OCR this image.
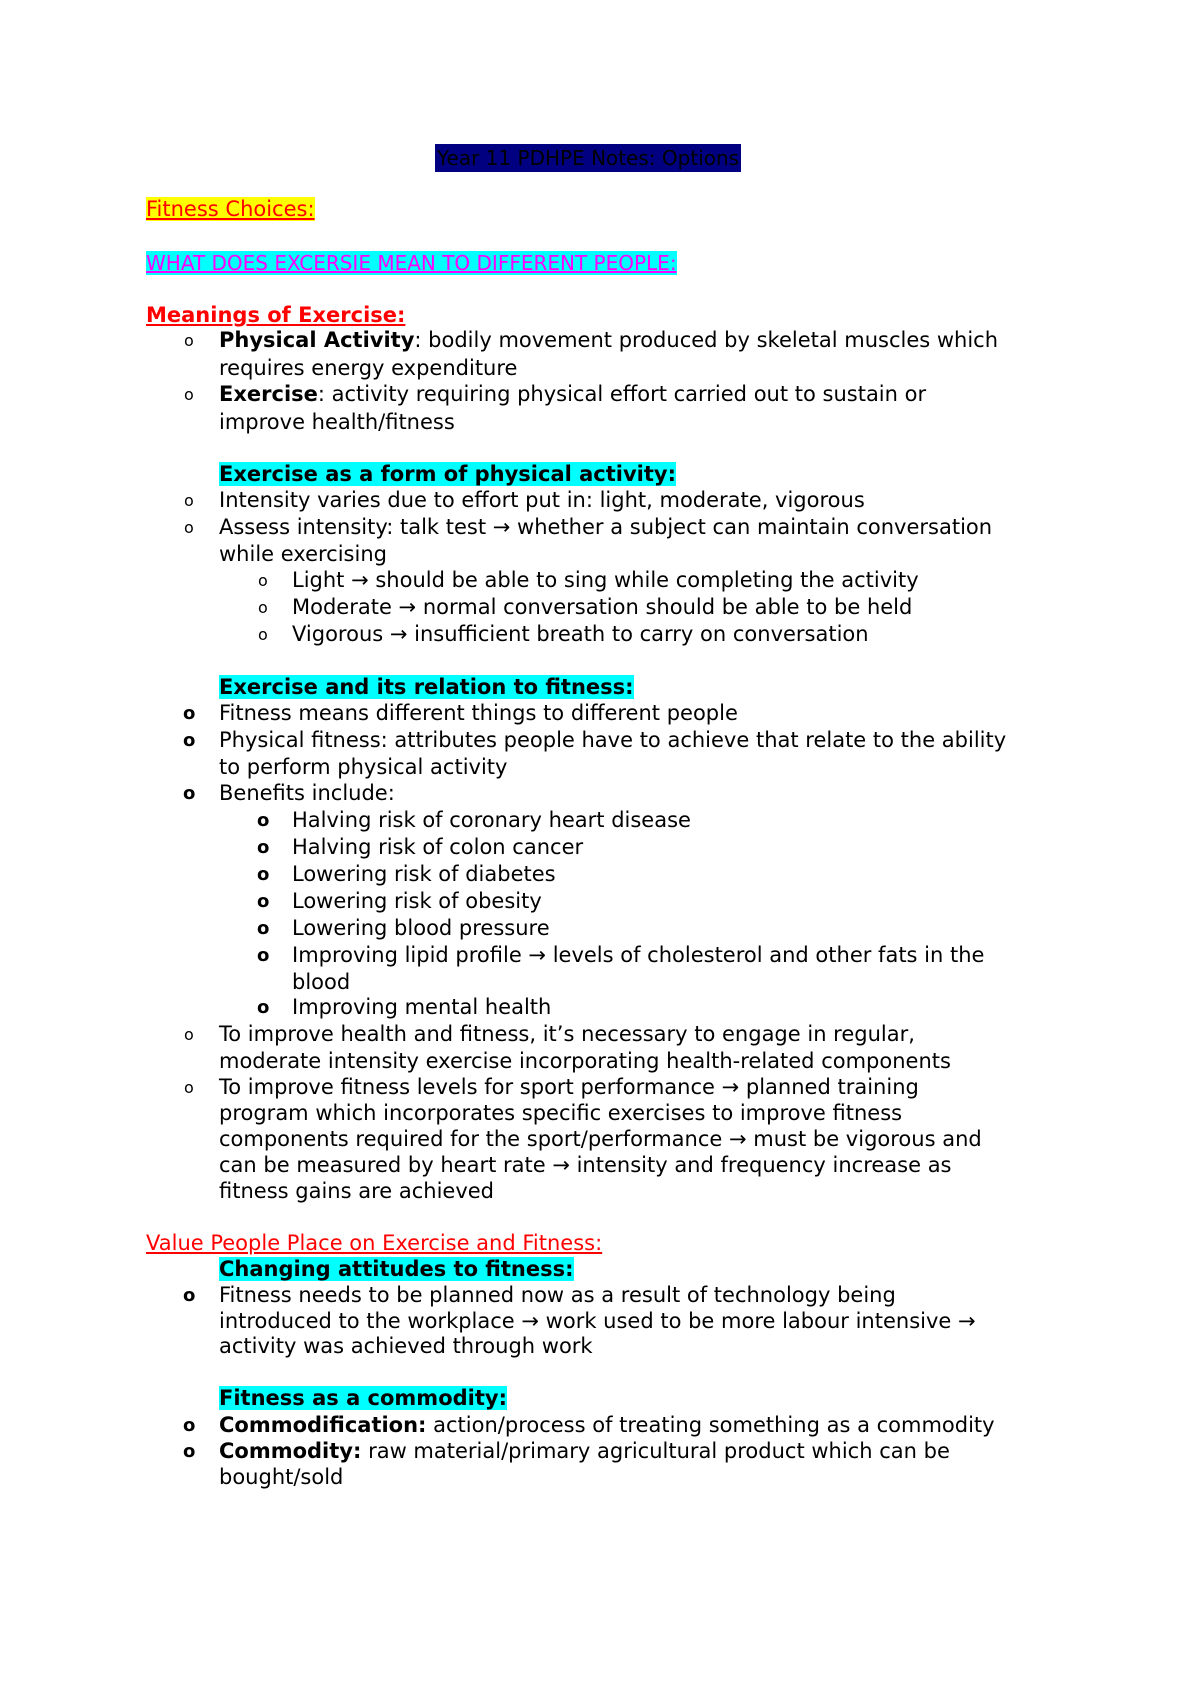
Year 11 PDHPE Notes: Options
Fitness Choices:
WHAT DOES EXCERSIE MEAN TO DIFFERENT PEOPLE:
Meanings of Exercise:
o Physical Activity: bodily movement produced by skeletal muscles which
requires energy expenditure
o Exercise: activity requiring physical effort carried out to sustain or
improve health/fitness
Exercise as a form of physical activity:
o Intensity varies due to effort put in: light, moderate, vigorous
o Assess intensity: talk test → whether a subject can maintain conversation
while exercising
o Light → should be able to sing while completing the activity
o Moderate → normal conversation should be able to be held
o Vigorous → insufficient breath to carry on conversation
Exercise and its relation to fitness:
o Fitness means different things to different people
o Physical fitness: attributes people have to achieve that relate to the ability
to perform physical activity
o Benefits include:
o Halving risk of coronary heart disease
o Halving risk of colon cancer
o Lowering risk of diabetes
o Lowering risk of obesity
o Lowering blood pressure
o Improving lipid profile → levels of cholesterol and other fats in the
blood
o Improving mental health
o To improve health and fitness, it’s necessary to engage in regular,
moderate intensity exercise incorporating health-related components
o To improve fitness levels for sport performance → planned training
program which incorporates specific exercises to improve fitness
components required for the sport/performance → must be vigorous and
can be measured by heart rate → intensity and frequency increase as
fitness gains are achieved
Value People Place on Exercise and Fitness:
Changing attitudes to fitness:
o Fitness needs to be planned now as a result of technology being
introduced to the workplace → work used to be more labour intensive →
activity was achieved through work
Fitness as a commodity:
o Commodification: action/process of treating something as a commodity
o Commodity: raw material/primary agricultural product which can be
bought/sold
